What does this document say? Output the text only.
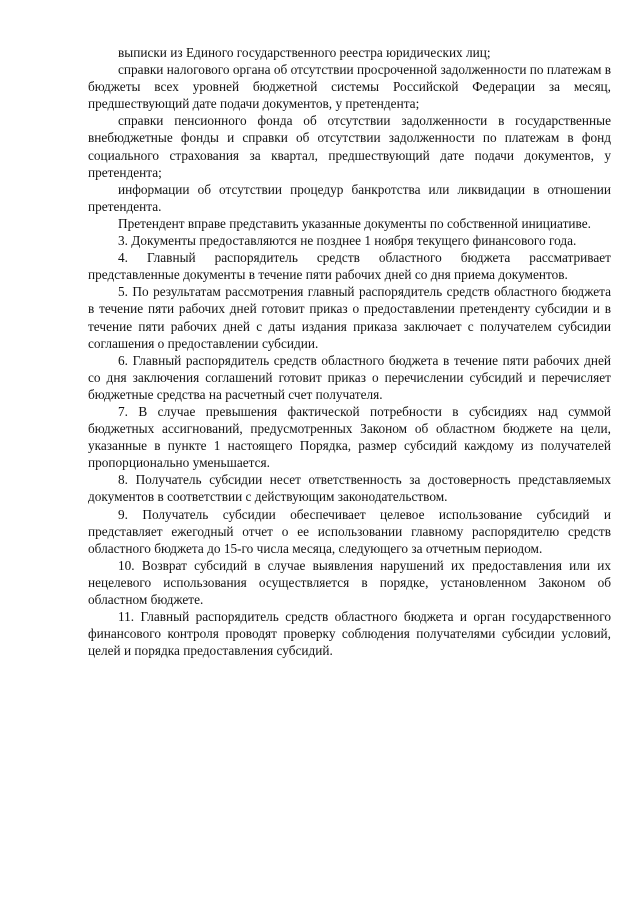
выписки из Единого государственного реестра юридических лиц;

справки налогового органа об отсутствии просроченной задолженности по платежам в бюджеты всех уровней бюджетной системы Российской Федерации за месяц, предшествующий дате подачи документов, у претендента;

справки пенсионного фонда об отсутствии задолженности в государственные внебюджетные фонды и справки об отсутствии задолженности по платежам в фонд социального страхования за квартал, предшествующий дате подачи документов, у претендента;

информации об отсутствии процедур банкротства или ликвидации в отношении претендента.

Претендент вправе представить указанные документы по собственной инициативе.

3. Документы предоставляются не позднее 1 ноября текущего финансового года.

4. Главный распорядитель средств областного бюджета рассматривает представленные документы в течение пяти рабочих дней со дня приема документов.

5. По результатам рассмотрения главный распорядитель средств областного бюджета в течение пяти рабочих дней готовит приказ о предоставлении претенденту субсидии и в течение пяти рабочих дней с даты издания приказа заключает с получателем субсидии соглашения о предоставлении субсидии.

6. Главный распорядитель средств областного бюджета в течение пяти рабочих дней со дня заключения соглашений готовит приказ о перечислении субсидий и перечисляет бюджетные средства на расчетный счет получателя.

7. В случае превышения фактической потребности в субсидиях над суммой бюджетных ассигнований, предусмотренных Законом об областном бюджете на цели, указанные в пункте 1 настоящего Порядка, размер субсидий каждому из получателей пропорционально уменьшается.

8. Получатель субсидии несет ответственность за достоверность представляемых документов в соответствии с действующим законодательством.

9. Получатель субсидии обеспечивает целевое использование субсидий и представляет ежегодный отчет о ее использовании главному распорядителю средств областного бюджета до 15-го числа месяца, следующего за отчетным периодом.

10. Возврат субсидий в случае выявления нарушений их предоставления или их нецелевого использования осуществляется в порядке, установленном Законом об областном бюджете.

11. Главный распорядитель средств областного бюджета и орган государственного финансового контроля проводят проверку соблюдения получателями субсидии условий, целей и порядка предоставления субсидий.
